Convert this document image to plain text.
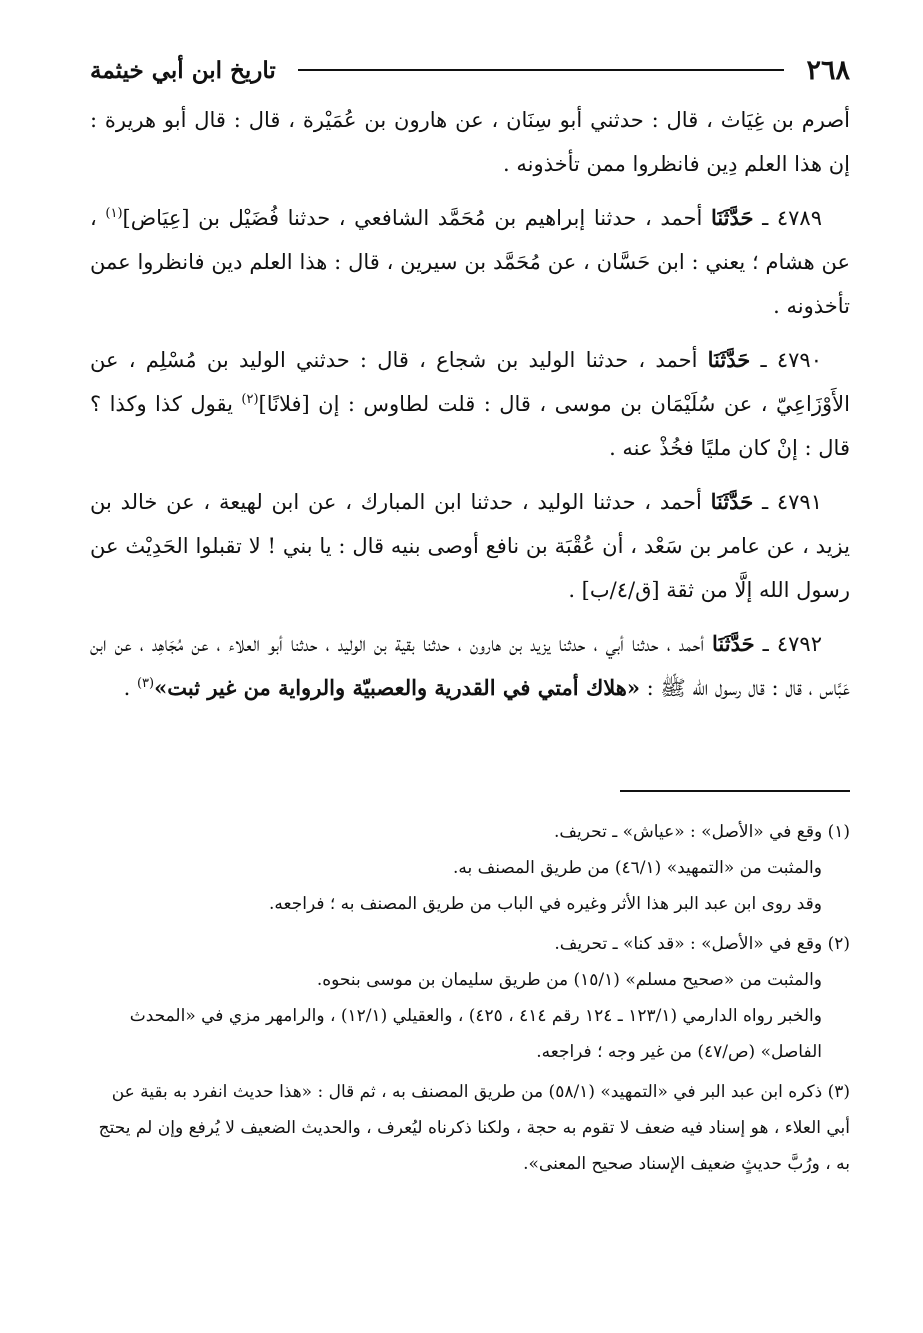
٢٦٨
تاريخ ابن أبي خيثمة

أصرم بن غِيَاث ، قال : حدثني أبو سِنَان ، عن هارون بن عُمَيْرة ، قال : قال أبو هريرة : إن هذا العلم دِين فانظروا ممن تأخذونه .

٤٧٨٩ ـ حَدَّثَنَا أحمد ، حدثنا إبراهيم بن مُحَمَّد الشافعي ، حدثنا فُضَيْل بن [عِيَاض]$^{(١)}$ ، عن هشام ؛ يعني : ابن حَسَّان ، عن مُحَمَّد بن سيرين ، قال : هذا العلم دين فانظروا عمن تأخذونه .

٤٧٩٠ ـ حَدَّثَنَا أحمد ، حدثنا الوليد بن شجاع ، قال : حدثني الوليد بن مُسْلِم ، عن الأَوْزَاعِيّ ، عن سُلَيْمَان بن موسى ، قال : قلت لطاوس : إن [فلانًا]$^{(٢)}$ يقول كذا وكذا ؟ قال : إنْ كان مليًا فخُذْ عنه .

٤٧٩١ ـ حَدَّثَنَا أحمد ، حدثنا الوليد ، حدثنا ابن المبارك ، عن ابن لهيعة ، عن خالد بن يزيد ، عن عامر بن سَعْد ، أن عُقْبَة بن نافع أوصى بنيه قال : يا بني ! لا تقبلوا الحَدِيْث عن رسول الله إلَّا من ثقة [ق/٤/ب] .

٤٧٩٢ ـ حَدَّثَنَا أحمد ، حدثنا أبي ، حدثنا يزيد بن هارون ، حدثنا بقية بن الوليد ، حدثنا أبو العلاء ، عن مُجَاهِد ، عن ابن عَبَّاس ، قال : قال رسول الله ﷺ : «هلاك أمتي في القدرية والعصبيّة والرواية من غير ثبت»$^{(٣)}$ .

(١) وقع في «الأصل» : «عياش» ـ تحريف.

والمثبت من «التمهيد» (٤٦/١) من طريق المصنف به.

وقد روى ابن عبد البر هذا الأثر وغيره في الباب من طريق المصنف به ؛ فراجعه.

(٢) وقع في «الأصل» : «قد كنا» ـ تحريف.

والمثبت من «صحيح مسلم» (١٥/١) من طريق سليمان بن موسى بنحوه.

والخبر رواه الدارمي (١٢٣/١ ـ ١٢٤ رقم ٤١٤ ، ٤٢٥) ، والعقيلي (١٢/١) ، والرامهر مزي في «المحدث الفاصل» (ص/٤٧) من غير وجه ؛ فراجعه.

(٣) ذكره ابن عبد البر في «التمهيد» (٥٨/١) من طريق المصنف به ، ثم قال : «هذا حديث انفرد به بقية عن أبي العلاء ، هو إسناد فيه ضعف لا تقوم به حجة ، ولكنا ذكرناه ليُعرف ، والحديث الضعيف لا يُرفع وإن لم يحتج به ، ورُبَّ حديثٍ ضعيف الإسناد صحيح المعنى».
